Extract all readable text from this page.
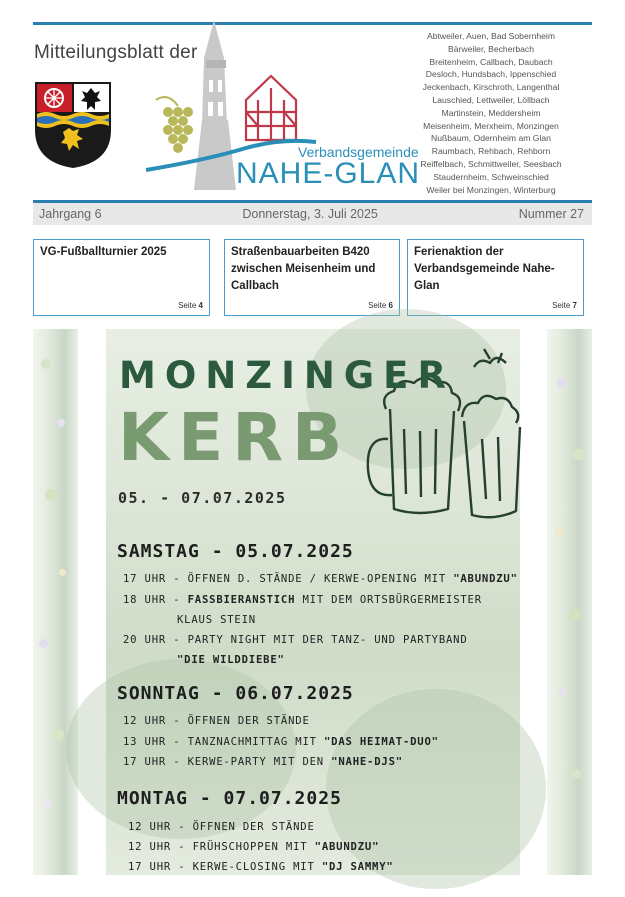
Mitteilungsblatt der
Verbandsgemeinde
NAHE-GLAN
Abtweiler, Auen, Bad Sobernheim
Bärweiler, Becherbach
Breitenheim, Callbach, Daubach
Desloch, Hundsbach, Ippenschied
Jeckenbach, Kirschroth, Langenthal
Lauschied, Lettweiler, Löllbach
Martinstein, Meddersheim
Meisenheim, Merxheim, Monzingen
Nußbaum, Odernheim am Glan
Raumbach, Rehbach, Rehborn
Reiffelbach, Schmittweiler, Seesbach
Staudernheim, Schweinschied
Weiler bei Monzingen, Winterburg
Jahrgang 6	Donnerstag, 3. Juli 2025	Nummer 27
VG-Fußballturnier 2025
Seite 4
Straßenbauarbeiten B420 zwischen Meisenheim und Callbach
Seite 6
Ferienaktion der Verbandsgemeinde Nahe-Glan
Seite 7
MONZINGER
KERB
05. - 07.07.2025
SAMSTAG - 05.07.2025
17 UHR - ÖFFNEN D. STÄNDE / KERWE-OPENING MIT "ABUNDZU"
18 UHR - FASSBIERANSTICH MIT DEM ORTSBÜRGERMEISTER
KLAUS STEIN
20 UHR - PARTY NIGHT MIT DER TANZ- UND PARTYBAND
"DIE WILDDIEBE"
SONNTAG - 06.07.2025
12 UHR - ÖFFNEN DER STÄNDE
13 UHR - TANZNACHMITTAG MIT "DAS HEIMAT-DUO"
17 UHR - KERWE-PARTY MIT DEN "NAHE-DJS"
MONTAG - 07.07.2025
12 UHR - ÖFFNEN DER STÄNDE
12 UHR - FRÜHSCHOPPEN MIT "ABUNDZU"
17 UHR - KERWE-CLOSING MIT "DJ SAMMY"
